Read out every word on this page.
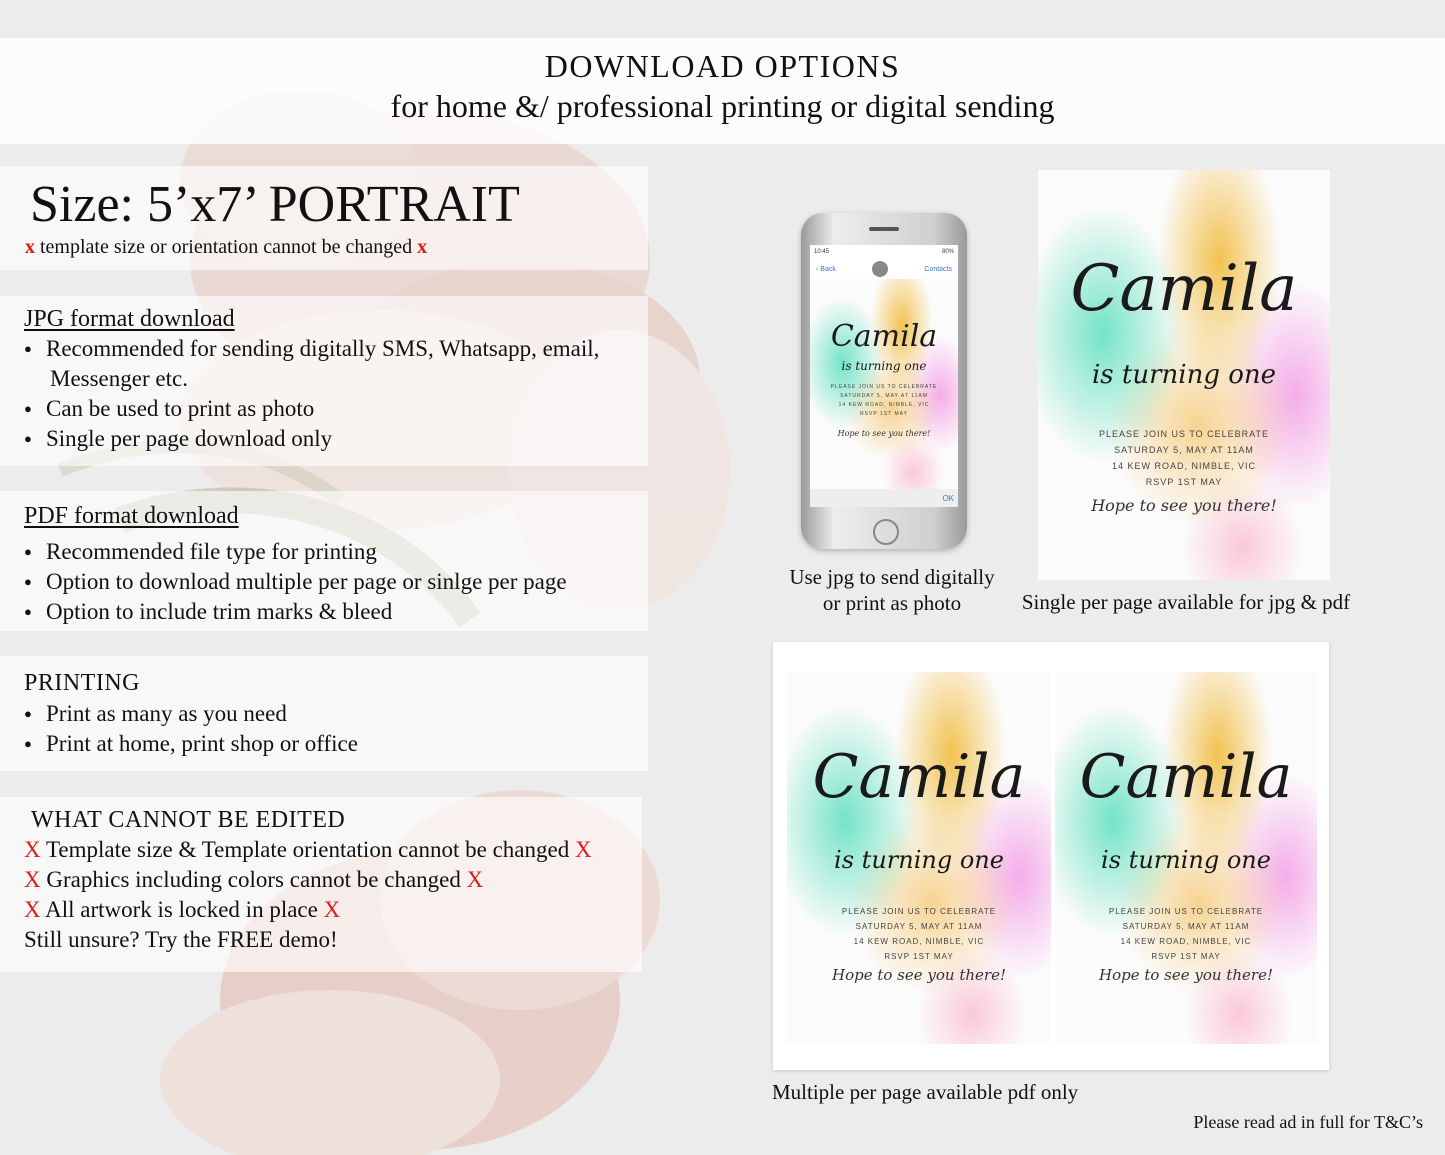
DOWNLOAD OPTIONS
for home &/ professional printing or digital sending
Size: 5’x7’ PORTRAIT
x template size or orientation cannot be changed x
JPG format download
● Recommended for sending digitally SMS, Whatsapp, email,
Messenger etc.
● Can be used to print as photo
● Single per page download only
PDF format download
● Recommended file type for printing
● Option to download multiple per page or sinlge per page
● Option to include trim marks & bleed
PRINTING
● Print as many as you need
● Print at home, print shop or office
WHAT CANNOT BE EDITED
X Template size & Template orientation cannot be changed X
X Graphics including colors cannot be changed X
X All artwork is locked in place X
Still unsure? Try the FREE demo!
10:45	80%
‹ Back	Contacts
Camila
is turning one
PLEASE JOIN US TO CELEBRATE
SATURDAY 5, MAY AT 11AM
14 KEW ROAD, NIMBLE, VIC
RSVP 1ST MAY
Hope to see you there!
OK
Use jpg to send digitally
or print as photo
Camila
is turning one
PLEASE JOIN US TO CELEBRATE
SATURDAY 5, MAY AT 11AM
14 KEW ROAD, NIMBLE, VIC
RSVP 1ST MAY
Hope to see you there!
Single per page available for jpg & pdf
Camila
is turning one
PLEASE JOIN US TO CELEBRATE
SATURDAY 5, MAY AT 11AM
14 KEW ROAD, NIMBLE, VIC
RSVP 1ST MAY
Hope to see you there!
Camila
is turning one
PLEASE JOIN US TO CELEBRATE
SATURDAY 5, MAY AT 11AM
14 KEW ROAD, NIMBLE, VIC
RSVP 1ST MAY
Hope to see you there!
Multiple per page available pdf only
Please read ad in full for T&C’s
